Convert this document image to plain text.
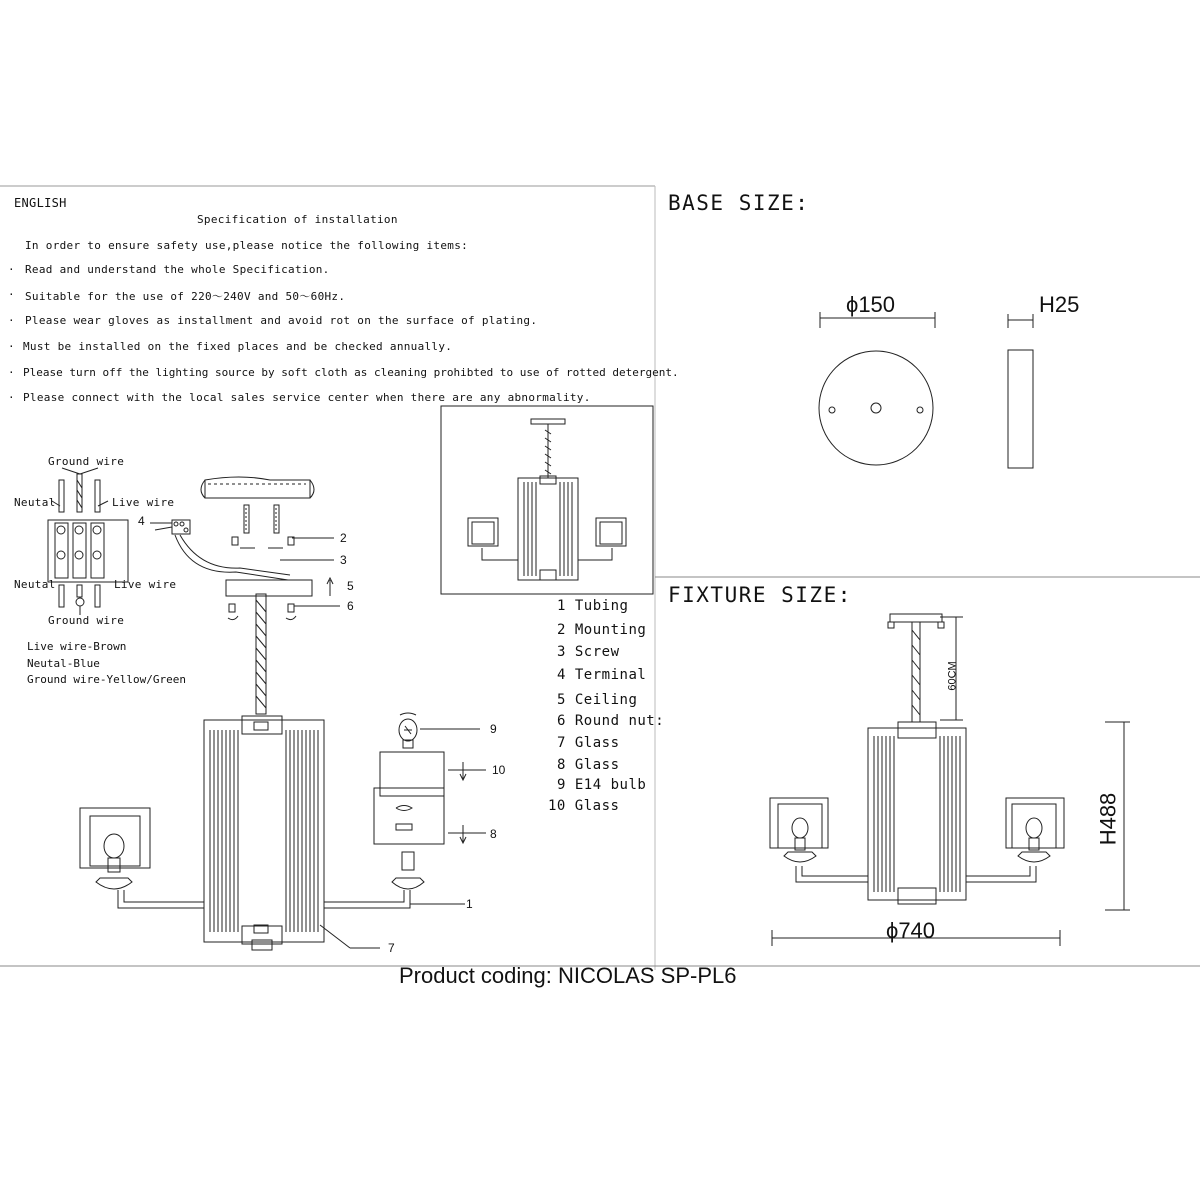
ENGLISH
Specification of installation
In order to ensure safety use,please notice the following items:
· Read and understand the whole Specification.
· Suitable for the use of 220～240V and 50～60Hz.
· Please wear gloves as installment and avoid rot on the surface of plating.
· Must be installed on the fixed places and be checked annually.
· Please turn off the lighting source by soft cloth as cleaning prohibted to use of rotted detergent.
· Please connect with the local sales service center when there are any abnormality.
Ground wire
Neutal	Live wire
Neutal	Live wire
Ground wire
Live wire-Brown
Neutal-Blue
Ground wire-Yellow/Green
4
2
3
5
6
9
10
8
1
7
1 Tubing
2 Mounting
3 Screw
4 Terminal
5 Ceiling
6 Round nut:
7 Glass
8 Glass
9 E14 bulb
10 Glass
BASE SIZE:
ϕ150	H25
FIXTURE SIZE:
60CM
H488
ϕ740
Product coding: NICOLAS SP-PL6
